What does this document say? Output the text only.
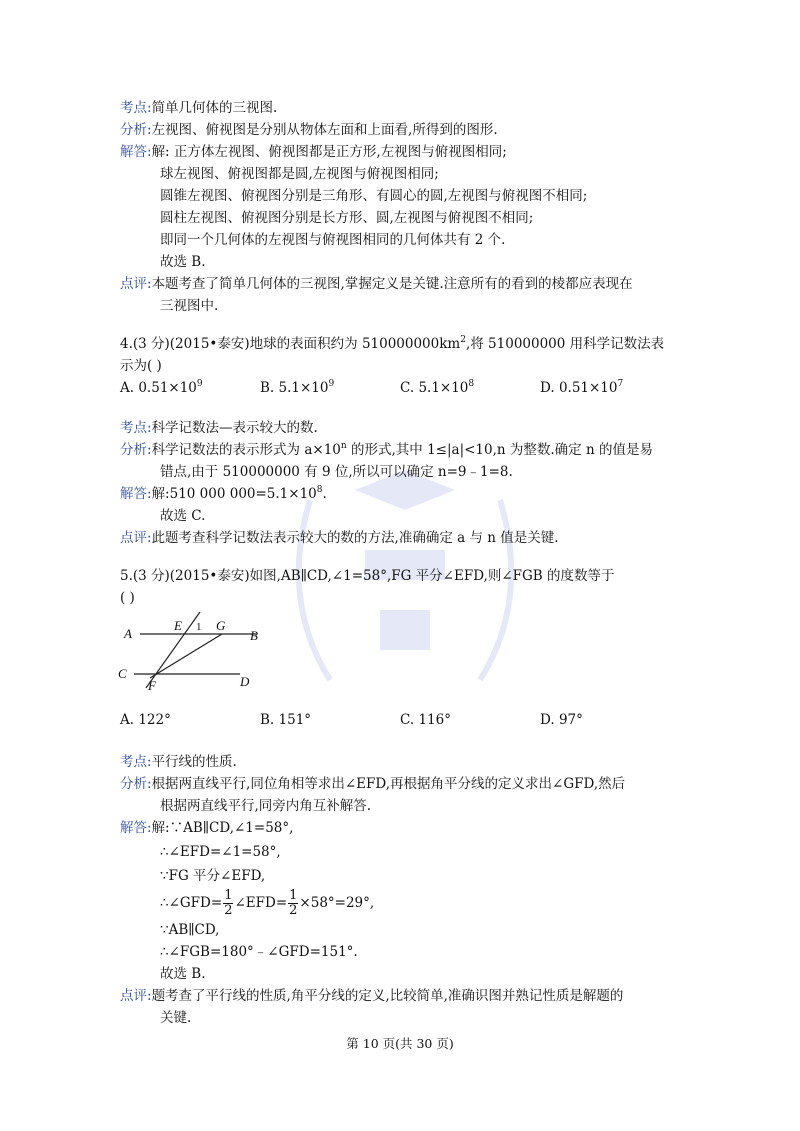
考点:简单几何体的三视图.
分析:左视图、俯视图是分别从物体左面和上面看,所得到的图形.
解答:解: 正方体左视图、俯视图都是正方形,左视图与俯视图相同;
球左视图、俯视图都是圆,左视图与俯视图相同;
圆锥左视图、俯视图分别是三角形、有圆心的圆,左视图与俯视图不相同;
圆柱左视图、俯视图分别是长方形、圆,左视图与俯视图不相同;
即同一个几何体的左视图与俯视图相同的几何体共有 2 个.
故选 B.
点评:本题考查了简单几何体的三视图,掌握定义是关键.注意所有的看到的棱都应表现在
三视图中.
4.(3 分)(2015•泰安)地球的表面积约为 $510000000km^2$,将 510000000 用科学记数法表
示为( )
A. $0.51\times 10^9$	B. $5.1\times 10^9$	C. $5.1\times 10^8$	D. $0.51\times 10^7$
考点:科学记数法—表示较大的数.
分析:科学记数法的表示形式为 $a\times 10^n$ 的形式,其中 1≤|a|<10,n 为整数.确定 n 的值是易
错点,由于 510000000 有 9 位,所以可以确定 n=9﹣1=8.
解答:解:510 000 $000=5.1\times 10^8$.
故选 C.
点评:此题考查科学记数法表示较大的数的方法,准确确定 a 与 n 值是关键.
5.(3 分)(2015•泰安)如图,AB∥CD,∠1=58°,FG 平分∠EFD,则∠FGB 的度数等于
( )
A	B
C
D
E
F
G
1
A. 122°	B. 151°	C. 116°	D. 97°
考点:平行线的性质.
分析:根据两直线平行,同位角相等求出∠EFD,再根据角平分线的定义求出∠GFD,然后
根据两直线平行,同旁内角互补解答.
解答:解:∵AB∥CD,∠1=58°,
∴∠EFD=∠1=58°,
∵FG 平分∠EFD,
∴∠GFD= $\frac{1}{2}$ ∠EFD= $\frac{1}{2} \times 58^\circ=29^\circ$,
∵AB∥CD,
∴∠FGB=180°﹣∠GFD=151°.
故选 B.
点评:题考查了平行线的性质,角平分线的定义,比较简单,准确识图并熟记性质是解题的
关键.
第 10 页(共 30 页)
